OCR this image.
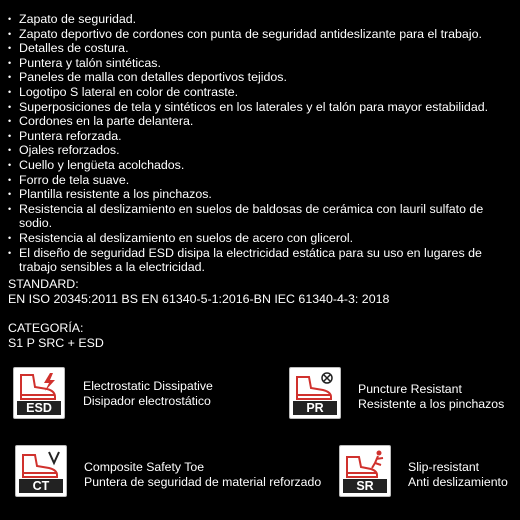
• Zapato de seguridad.
• Zapato deportivo de cordones con punta de seguridad antideslizante para el trabajo.
• Detalles de costura.
• Puntera y talón sintéticas.
• Paneles de malla con detalles deportivos tejidos.
• Logotipo S lateral en color de contraste.
• Superposiciones de tela y sintéticos en los laterales y el talón para mayor estabilidad.
• Cordones en la parte delantera.
• Puntera reforzada.
• Ojales reforzados.
• Cuello y lengüeta acolchados.
• Forro de tela suave.
• Plantilla resistente a los pinchazos.
• Resistencia al deslizamiento en suelos de baldosas de cerámica con lauril sulfato de sodio.
• Resistencia al deslizamiento en suelos de acero con glicerol.
• El diseño de seguridad ESD disipa la electricidad estática para su uso en lugares de trabajo sensibles a la electricidad.
STANDARD:
EN ISO 20345:2011 BS EN 61340-5-1:2016-BN IEC 61340-4-3: 2018
CATEGORÍA:
S1 P SRC + ESD
ESD
Electrostatic Dissipative
Disipador electrostático	PR
Puncture Resistant
Resistente a los pinchazos
CT
Composite Safety Toe
Puntera de seguridad de material reforzado	SR
Slip-resistant
Anti deslizamiento
